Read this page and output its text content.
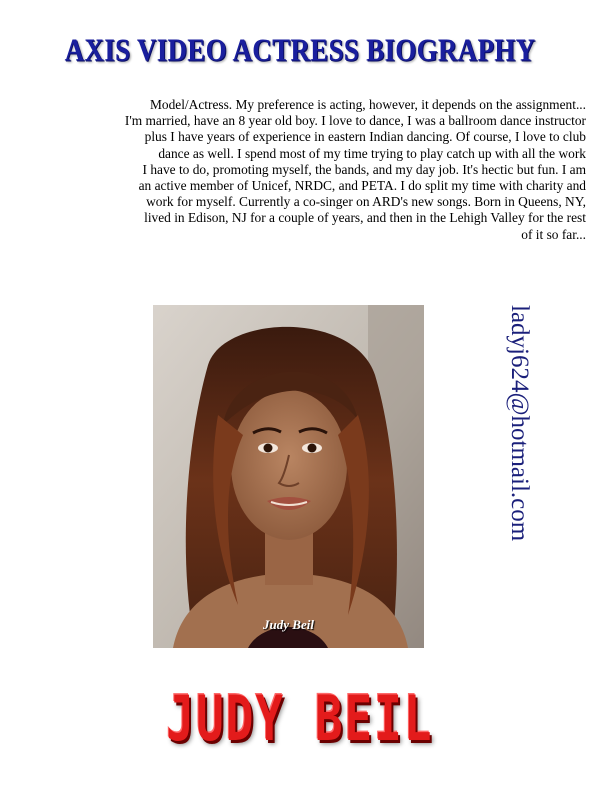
AXIS VIDEO ACTRESS BIOGRAPHY

Model/Actress. My preference is acting, however, it depends on the assignment...
I'm married, have an 8 year old boy. I love to dance, I was a ballroom dance instructor
plus I have years of experience in eastern Indian dancing. Of course, I love to club
dance as well. I spend most of my time trying to play catch up with all the work
I have to do, promoting myself, the bands, and my day job. It's hectic but fun. I am
an active member of Unicef, NRDC, and PETA. I do split my time with charity and
work for myself. Currently a co-singer on ARD's new songs. Born in Queens, NY,
lived in Edison, NJ for a couple of years, and then in the Lehigh Valley for the rest
of it so far...

Judy Beil
ladyj624@hotmail.com
JUDY BEIL
